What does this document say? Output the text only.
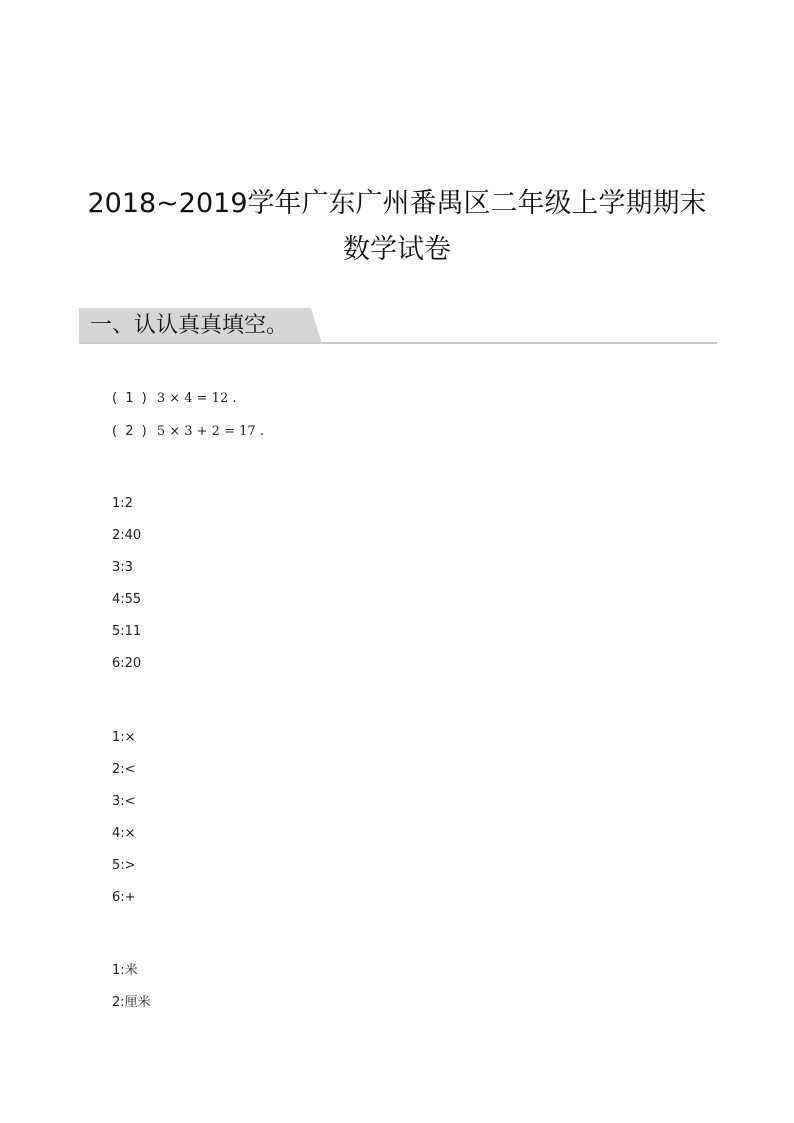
2018~2019学年广东广州番禺区二年级上学期期末
数学试卷
一、认认真真填空。
( 1 ) 3 × 4 = 12 .
( 2 ) 5 × 3 + 2 = 17 .
1:2
2:40
3:3
4:55
5:11
6:20
1:×
2:<
3:<
4:×
5:>
6:+
1:米
2:厘米
